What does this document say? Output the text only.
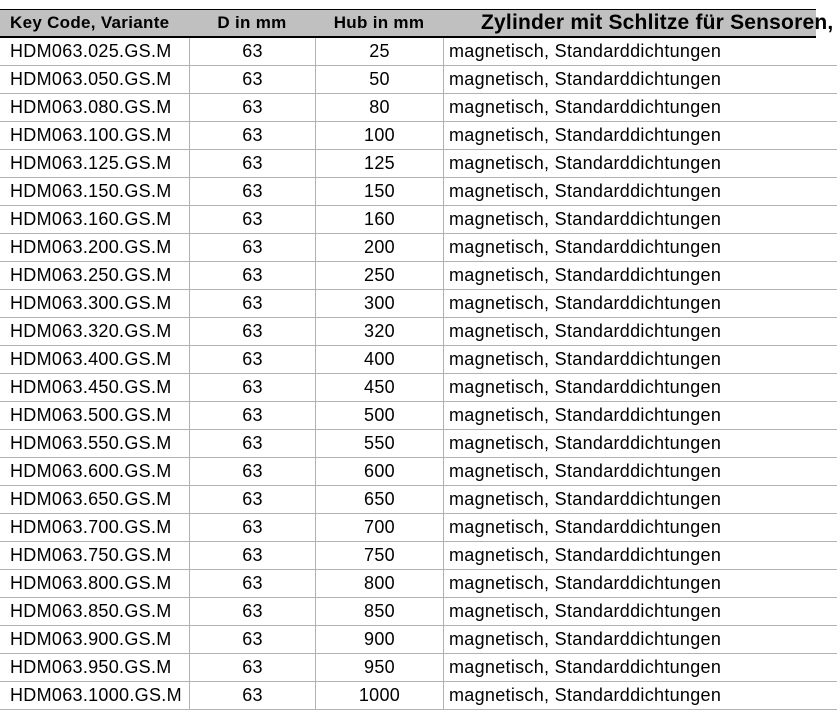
Key Code, Variante	D in mm	Hub in mm	Zylinder mit Schlitze für Sensoren,
HDM063.025.GS.M	63	25	magnetisch, Standarddichtungen
HDM063.050.GS.M	63	50	magnetisch, Standarddichtungen
HDM063.080.GS.M	63	80	magnetisch, Standarddichtungen
HDM063.100.GS.M	63	100	magnetisch, Standarddichtungen
HDM063.125.GS.M	63	125	magnetisch, Standarddichtungen
HDM063.150.GS.M	63	150	magnetisch, Standarddichtungen
HDM063.160.GS.M	63	160	magnetisch, Standarddichtungen
HDM063.200.GS.M	63	200	magnetisch, Standarddichtungen
HDM063.250.GS.M	63	250	magnetisch, Standarddichtungen
HDM063.300.GS.M	63	300	magnetisch, Standarddichtungen
HDM063.320.GS.M	63	320	magnetisch, Standarddichtungen
HDM063.400.GS.M	63	400	magnetisch, Standarddichtungen
HDM063.450.GS.M	63	450	magnetisch, Standarddichtungen
HDM063.500.GS.M	63	500	magnetisch, Standarddichtungen
HDM063.550.GS.M	63	550	magnetisch, Standarddichtungen
HDM063.600.GS.M	63	600	magnetisch, Standarddichtungen
HDM063.650.GS.M	63	650	magnetisch, Standarddichtungen
HDM063.700.GS.M	63	700	magnetisch, Standarddichtungen
HDM063.750.GS.M	63	750	magnetisch, Standarddichtungen
HDM063.800.GS.M	63	800	magnetisch, Standarddichtungen
HDM063.850.GS.M	63	850	magnetisch, Standarddichtungen
HDM063.900.GS.M	63	900	magnetisch, Standarddichtungen
HDM063.950.GS.M	63	950	magnetisch, Standarddichtungen
HDM063.1000.GS.M	63	1000	magnetisch, Standarddichtungen
